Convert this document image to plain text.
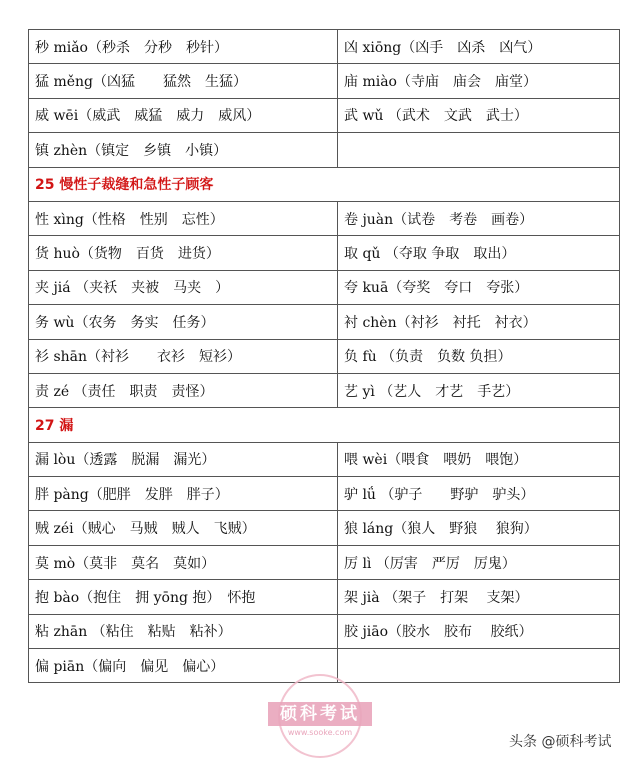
秒 miǎo（秒杀　分秒　秒针）	凶 xiōng（凶手　凶杀　凶气）
猛 měng（凶猛　　猛然　生猛）	庙 miào（寺庙　庙会　庙堂）
威 wēi（威武　威猛　威力　威风）	武 wǔ （武术　文武　武士）
镇 zhèn（镇定　乡镇　小镇）	
25 慢性子裁缝和急性子顾客	
性 xìng（性格　性别　忘性）	卷 juàn（试卷　考卷　画卷）
货 huò（货物　百货　进货）	取 qǔ （夺取 争取　取出）
夹 jiá （夹袄　夹被　马夹　）	夸 kuā（夸奖　夸口　夸张）
务 wù（农务　务实　任务）	衬 chèn（衬衫　衬托　衬衣）
衫 shān（衬衫　　衣衫　短衫）	负 fù （负责　负数 负担）
责 zé （责任　职责　责怪）	艺 yì （艺人　才艺　手艺）
27 漏	
漏 lòu（透露　脱漏　漏光）	喂 wèi（喂食　喂奶　喂饱）
胖 pàng（肥胖　发胖　胖子）	驴 lǘ （驴子　　野驴　驴头）
贼 zéi（贼心　马贼　贼人　飞贼）	狼 láng（狼人　野狼　 狼狗）
莫 mò（莫非　莫名　莫如）	厉 lì （厉害　严厉　厉鬼）
抱 bào（抱住　拥 yōng 抱）　怀抱	架 jià （架子　打架　 支架）
粘 zhān （粘住　粘贴　粘补）	胶 jiāo（胶水　胶布　 胶纸）
偏 piān（偏向　偏见　偏心）	
硕科考试
www.sooke.com
头条 @硕科考试
